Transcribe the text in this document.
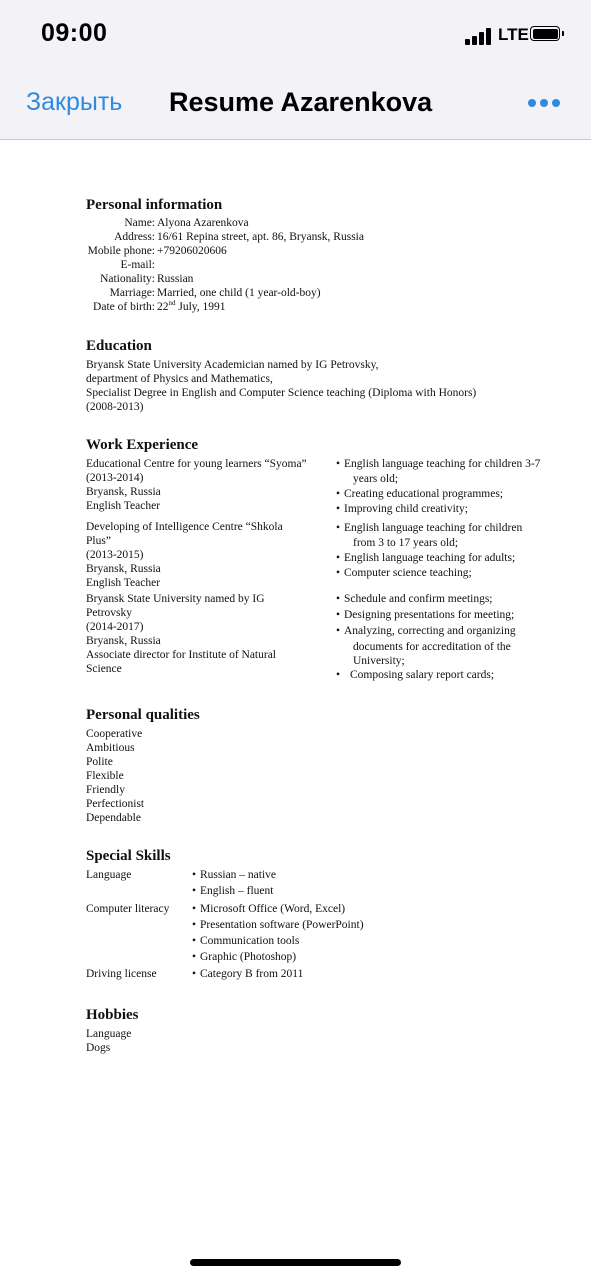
09:00	LTE
Закрыть Resume Azarenkova
Personal information
Name: Alyona Azarenkova
Address: 16/61 Repina street, apt. 86, Bryansk, Russia
Mobile phone: +79206020606
E-mail:
Nationality: Russian
Marriage: Married, one child (1 year-old-boy)
Date of birth: 22nd July, 1991
Education
Bryansk State University Academician named by IG Petrovsky,
department of Physics and Mathematics,
Specialist Degree in English and Computer Science teaching (Diploma with Honors)
(2008-2013)
Work Experience
Educational Centre for young learners “Syoma”
(2013-2014)
Bryansk, Russia
English Teacher
• English language teaching for children 3-7
years old;
• Creating educational programmes;
• Improving child creativity;
Developing of Intelligence Centre “Shkola
Plus”
(2013-2015)
Bryansk, Russia
English Teacher
• English language teaching for children
from 3 to 17 years old;
• English language teaching for adults;
• Computer science teaching;
Bryansk State University named by IG
Petrovsky
(2014-2017)
Bryansk, Russia
Associate director for Institute of Natural
Science
• Schedule and confirm meetings;
• Designing presentations for meeting;
• Analyzing, correcting and organizing
documents for accreditation of the
University;
• Composing salary report cards;
Personal qualities
Cooperative
Ambitious
Polite
Flexible
Friendly
Perfectionist
Dependable
Special Skills
Language	• Russian – native
• English – fluent
Computer literacy • Microsoft Office (Word, Excel)
• Presentation software (PowerPoint)
• Communication tools
• Graphic (Photoshop)
Driving license	• Category B from 2011
Hobbies
Language
Dogs
